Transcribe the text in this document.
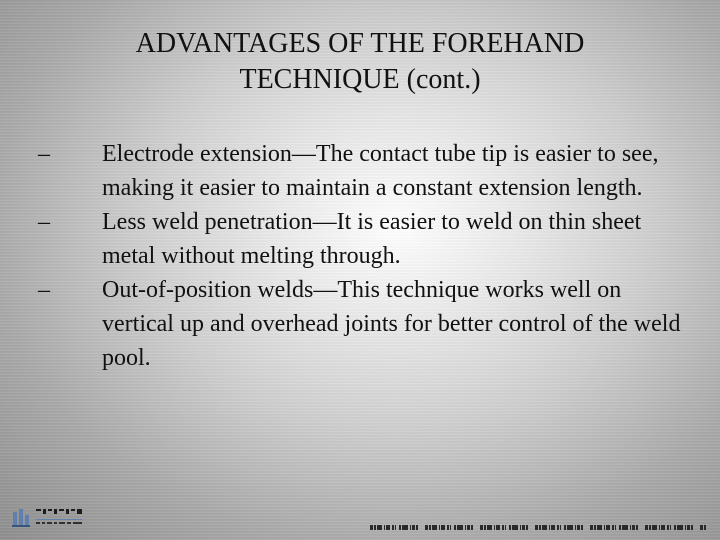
ADVANTAGES OF THE FOREHAND
TECHNIQUE (cont.)
–	Electrode extension—The contact tube tip is easier to see, making it easier to maintain a constant extension length.
–	Less weld penetration—It is easier to weld on thin sheet metal without melting through.
–	Out-of-position welds—This technique works well on vertical up and overhead joints for better control of the weld pool.
